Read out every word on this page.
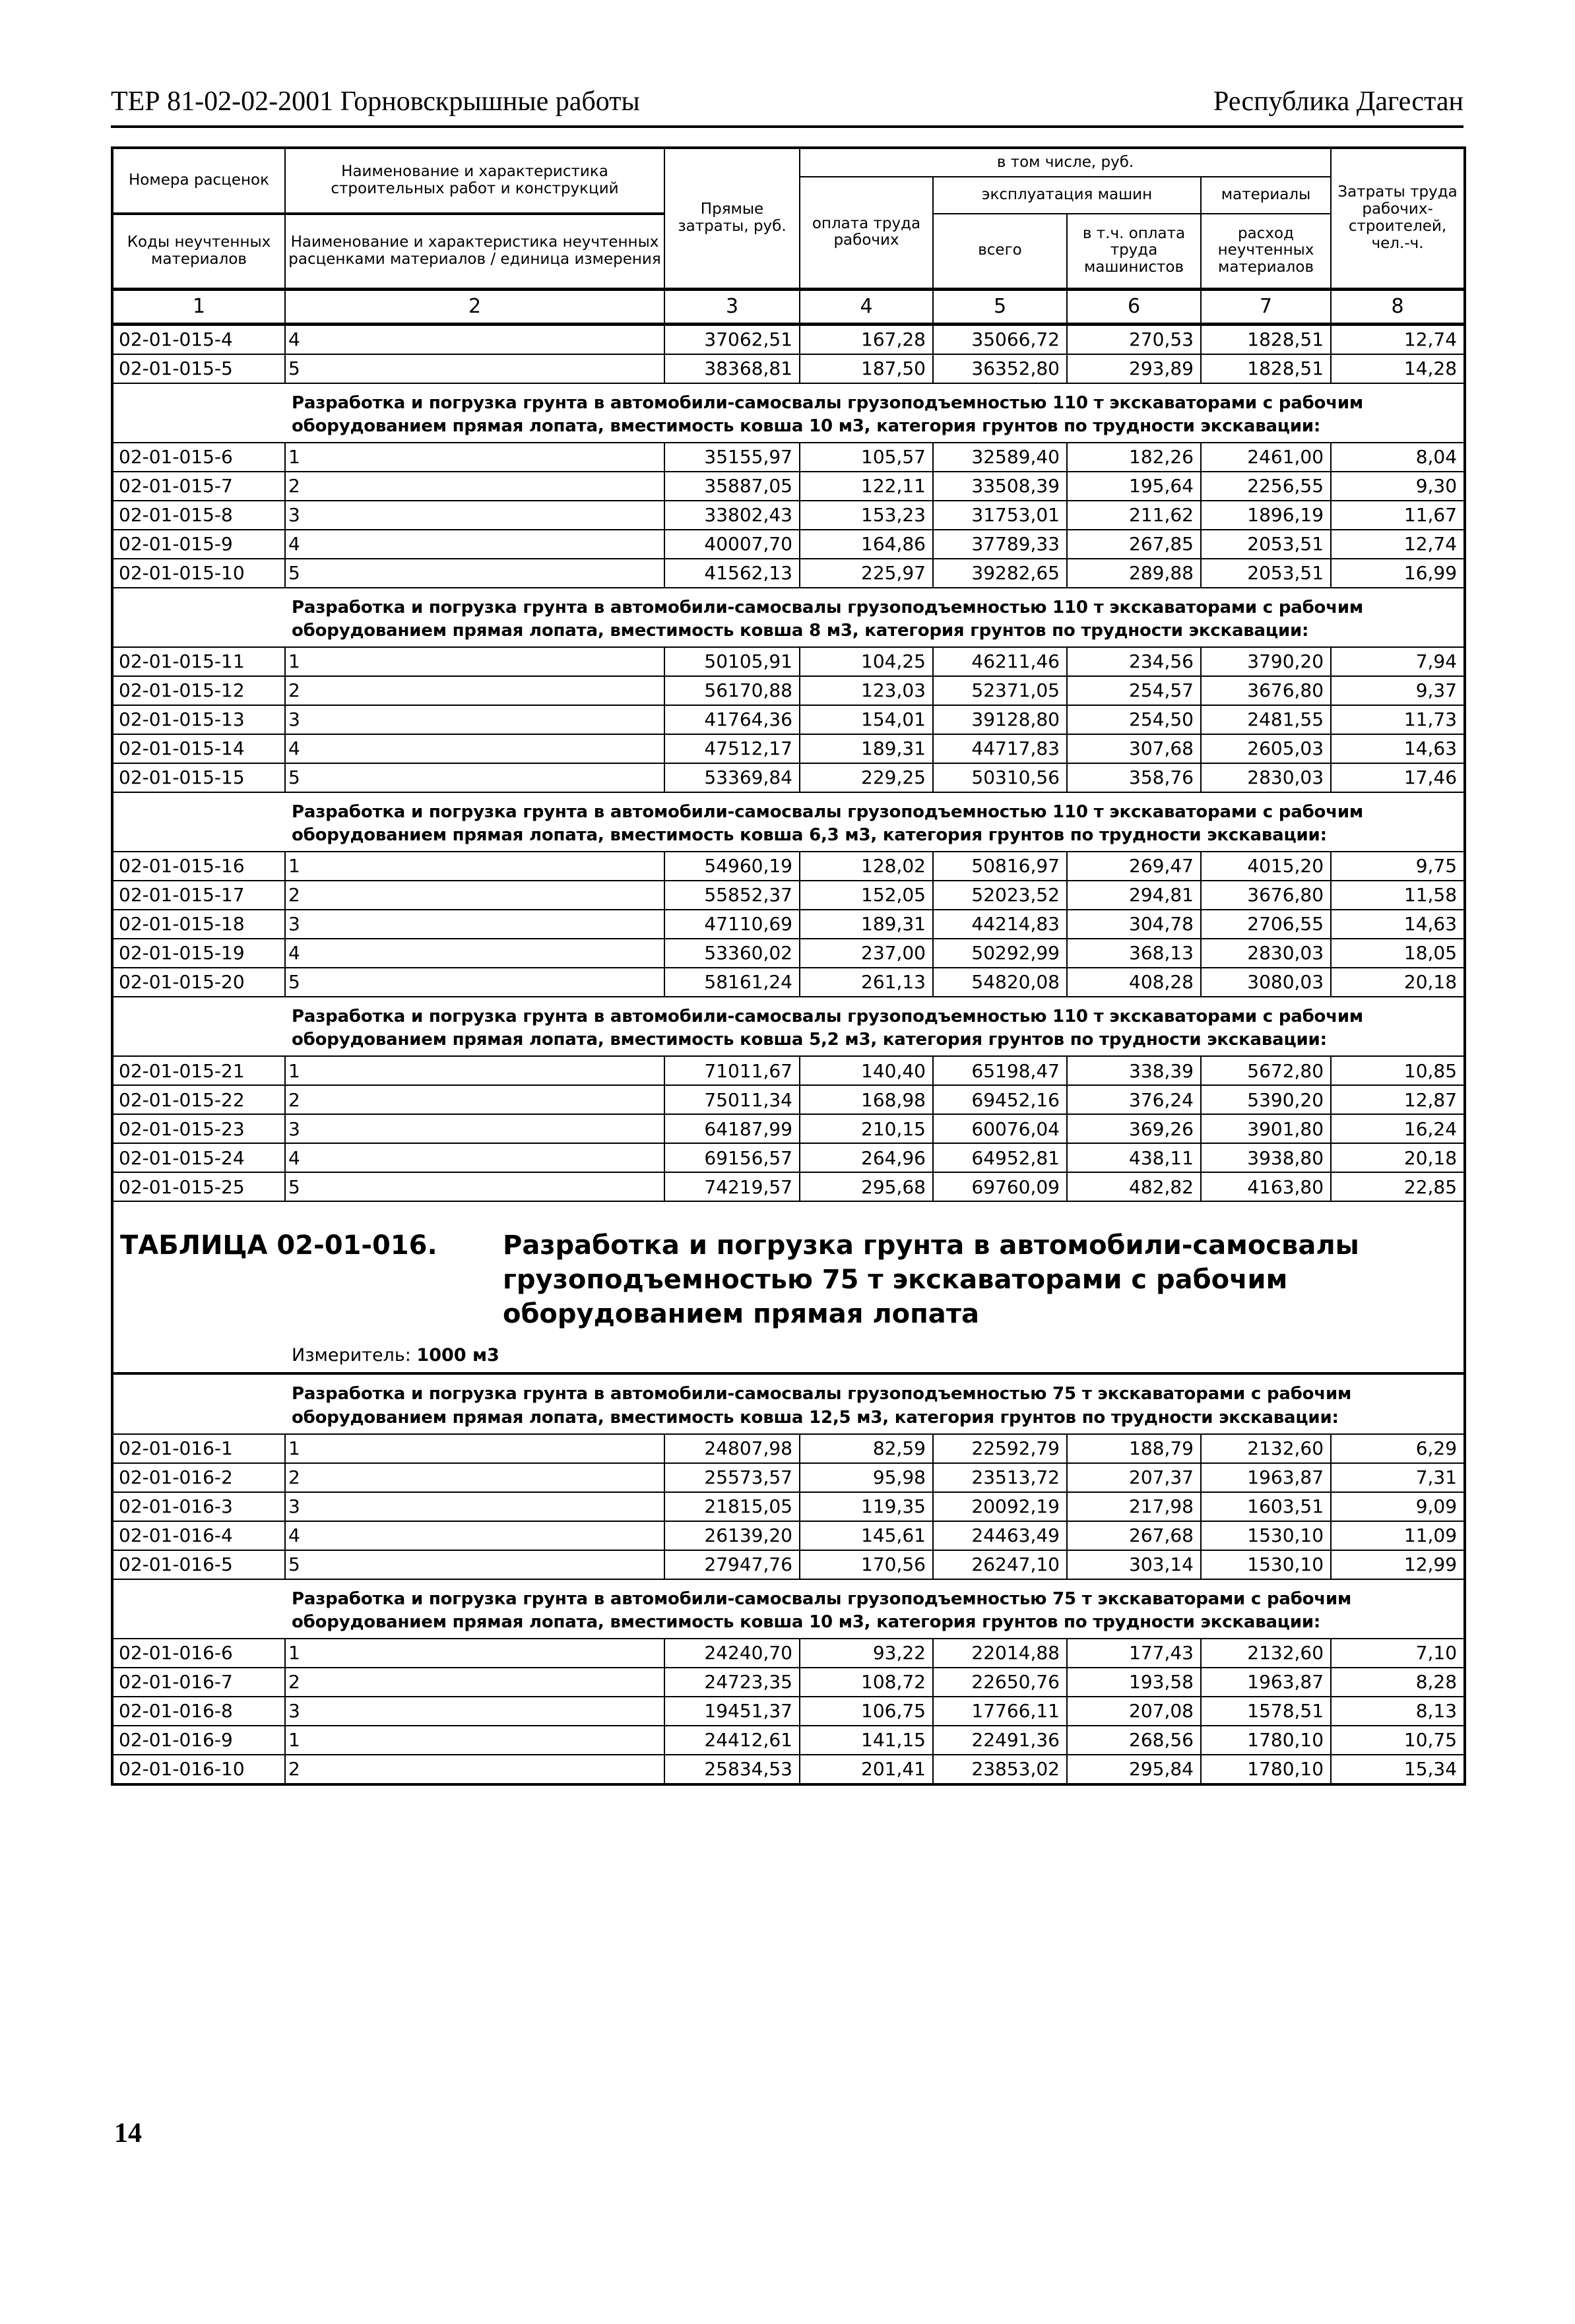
ТЕР 81-02-02-2001 Горновскрышные работы	Республика Дагестан
Номера расценок	Наименование и характеристика строительных работ и конструкций	Прямые затраты, руб.	в том числе, руб.				Затраты труда рабочих-строителей, чел.-ч.
			оплата труда рабочих	эксплуатация машин		материалы	
Коды неучтенных материалов	Наименование и характеристика неучтенных расценками материалов / единица измерения			всего	в т.ч. оплата труда машинистов	расход неучтенных материалов	

1	2	3	4	5	6	7	8
02-01-015-4	4	37062,51	167,28	35066,72	270,53	1828,51	12,74
02-01-015-5	5	38368,81	187,50	36352,80	293,89	1828,51	14,28
	Разработка и погрузка грунта в автомобили-самосвалы грузоподъемностью 110 т экскаваторами с рабочим оборудованием прямая лопата, вместимость ковша 10 м3, категория грунтов по трудности экскавации:						
02-01-015-6	1	35155,97	105,57	32589,40	182,26	2461,00	8,04
02-01-015-7	2	35887,05	122,11	33508,39	195,64	2256,55	9,30
02-01-015-8	3	33802,43	153,23	31753,01	211,62	1896,19	11,67
02-01-015-9	4	40007,70	164,86	37789,33	267,85	2053,51	12,74
02-01-015-10	5	41562,13	225,97	39282,65	289,88	2053,51	16,99
	Разработка и погрузка грунта в автомобили-самосвалы грузоподъемностью 110 т экскаваторами с рабочим оборудованием прямая лопата, вместимость ковша 8 м3, категория грунтов по трудности экскавации:						
02-01-015-11	1	50105,91	104,25	46211,46	234,56	3790,20	7,94
02-01-015-12	2	56170,88	123,03	52371,05	254,57	3676,80	9,37
02-01-015-13	3	41764,36	154,01	39128,80	254,50	2481,55	11,73
02-01-015-14	4	47512,17	189,31	44717,83	307,68	2605,03	14,63
02-01-015-15	5	53369,84	229,25	50310,56	358,76	2830,03	17,46
	Разработка и погрузка грунта в автомобили-самосвалы грузоподъемностью 110 т экскаваторами с рабочим оборудованием прямая лопата, вместимость ковша 6,3 м3, категория грунтов по трудности экскавации:						
02-01-015-16	1	54960,19	128,02	50816,97	269,47	4015,20	9,75
02-01-015-17	2	55852,37	152,05	52023,52	294,81	3676,80	11,58
02-01-015-18	3	47110,69	189,31	44214,83	304,78	2706,55	14,63
02-01-015-19	4	53360,02	237,00	50292,99	368,13	2830,03	18,05
02-01-015-20	5	58161,24	261,13	54820,08	408,28	3080,03	20,18
	Разработка и погрузка грунта в автомобили-самосвалы грузоподъемностью 110 т экскаваторами с рабочим оборудованием прямая лопата, вместимость ковша 5,2 м3, категория грунтов по трудности экскавации:						
02-01-015-21	1	71011,67	140,40	65198,47	338,39	5672,80	10,85
02-01-015-22	2	75011,34	168,98	69452,16	376,24	5390,20	12,87
02-01-015-23	3	64187,99	210,15	60076,04	369,26	3901,80	16,24
02-01-015-24	4	69156,57	264,96	64952,81	438,11	3938,80	20,18
02-01-015-25	5	74219,57	295,68	69760,09	482,82	4163,80	22,85

ТАБЛИЦА 02-01-016. Разработка и погрузка грунта в автомобили-самосвалы грузоподъемностью 75 т экскаваторами с рабочим оборудованием прямая лопата
Измеритель: 1000 м3							

	Разработка и погрузка грунта в автомобили-самосвалы грузоподъемностью 75 т экскаваторами с рабочим оборудованием прямая лопата, вместимость ковша 12,5 м3, категория грунтов по трудности экскавации:						
02-01-016-1	1	24807,98	82,59	22592,79	188,79	2132,60	6,29
02-01-016-2	2	25573,57	95,98	23513,72	207,37	1963,87	7,31
02-01-016-3	3	21815,05	119,35	20092,19	217,98	1603,51	9,09
02-01-016-4	4	26139,20	145,61	24463,49	267,68	1530,10	11,09
02-01-016-5	5	27947,76	170,56	26247,10	303,14	1530,10	12,99
	Разработка и погрузка грунта в автомобили-самосвалы грузоподъемностью 75 т экскаваторами с рабочим оборудованием прямая лопата, вместимость ковша 10 м3, категория грунтов по трудности экскавации:						
02-01-016-6	1	24240,70	93,22	22014,88	177,43	2132,60	7,10
02-01-016-7	2	24723,35	108,72	22650,76	193,58	1963,87	8,28
02-01-016-8	3	19451,37	106,75	17766,11	207,08	1578,51	8,13
02-01-016-9	1	24412,61	141,15	22491,36	268,56	1780,10	10,75
02-01-016-10	2	25834,53	201,41	23853,02	295,84	1780,10	15,34
14
